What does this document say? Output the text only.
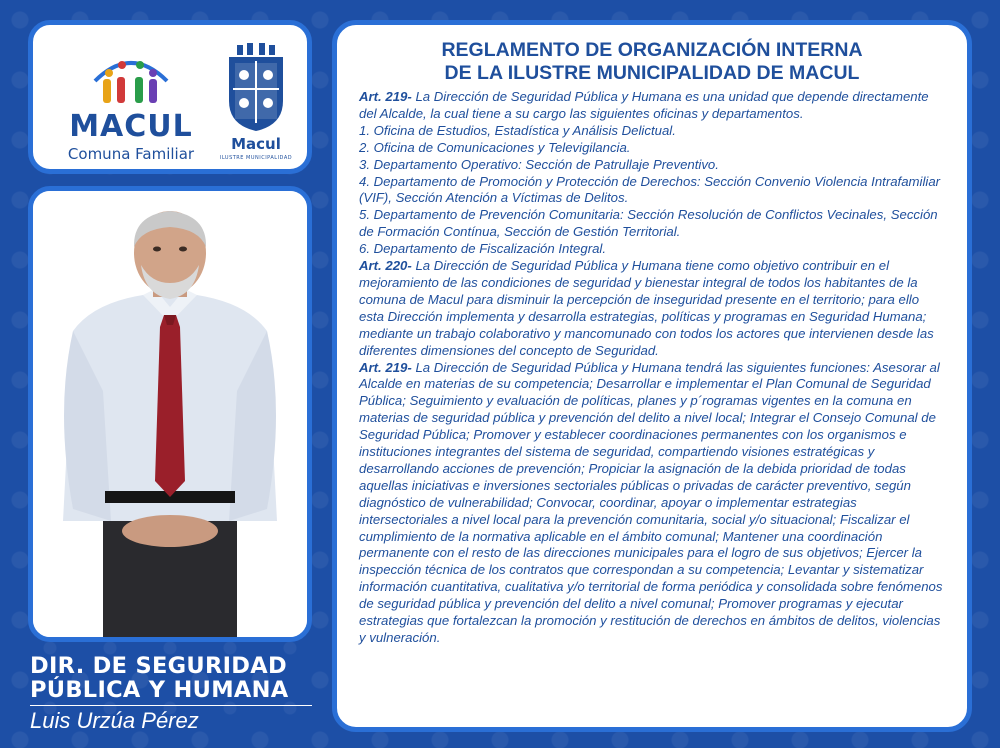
MACUL
Comuna Familiar
Macul
ILUSTRE MUNICIPALIDAD
DIR. DE SEGURIDAD
PÚBLICA Y HUMANA
Luis Urzúa Pérez
REGLAMENTO DE ORGANIZACIÓN INTERNA
DE LA ILUSTRE MUNICIPALIDAD DE MACUL

Art. 219- La Dirección de Seguridad Pública y Humana es una unidad que depende directamente del Alcalde, la cual tiene a su cargo las siguientes oficinas y departamentos.

1. Oficina de Estudios, Estadística y Análisis Delictual.

2. Oficina de Comunicaciones y Televigilancia.

3. Departamento Operativo: Sección de Patrullaje Preventivo.

4. Departamento de Promoción y Protección de Derechos: Sección Convenio Violencia Intrafamiliar (VIF), Sección Atención a Víctimas de Delitos.

5. Departamento de Prevención Comunitaria: Sección Resolución de Conflictos Vecinales, Sección de Formación Contínua, Sección de Gestión Territorial.

6. Departamento de Fiscalización Integral.

Art. 220- La Dirección de Seguridad Pública y Humana tiene como objetivo contribuir en el mejoramiento de las condiciones de seguridad y bienestar integral de todos los habitantes de la comuna de Macul para disminuir la percepción de inseguridad presente en el territorio; para ello esta Dirección implementa y desarrolla estrategias, políticas y programas en Seguridad Humana; mediante un trabajo colaborativo y mancomunado con todos los actores que intervienen desde las diferentes dimensiones del concepto de Seguridad.

Art. 219- La Dirección de Seguridad Pública y Humana tendrá las siguientes funciones: Asesorar al Alcalde en materias de su competencia; Desarrollar e implementar el Plan Comunal de Seguridad Pública; Seguimiento y evaluación de políticas, planes y p´rogramas vigentes en la comuna en materias de seguridad pública y prevención del delito a nivel local; Integrar el Consejo Comunal de Seguridad Pública; Promover y establecer coordinaciones permanentes con los organismos e instituciones integrantes del sistema de seguridad, compartiendo visiones estratégicas y desarrollando acciones de prevención; Propiciar la asignación de la debida prioridad de todas aquellas iniciativas e inversiones sectoriales públicas o privadas de carácter preventivo, según diagnóstico de vulnerabilidad; Convocar, coordinar, apoyar o implementar estrategias intersectoriales a nivel local para la prevención comunitaria, social y/o situacional; Fiscalizar el cumplimiento de la normativa aplicable en el ámbito comunal; Mantener una coordinación permanente con el resto de las direcciones municipales para el logro de sus objetivos; Ejercer la inspección técnica de los contratos que correspondan a su competencia; Levantar y sistematizar información cuantitativa, cualitativa y/o territorial de forma periódica y consolidada sobre fenómenos de seguridad pública y prevención del delito a nivel comunal; Promover programas y ejecutar estrategias que fortalezcan la promoción y restitución de derechos en ámbitos de delitos, violencias y vulneración.
